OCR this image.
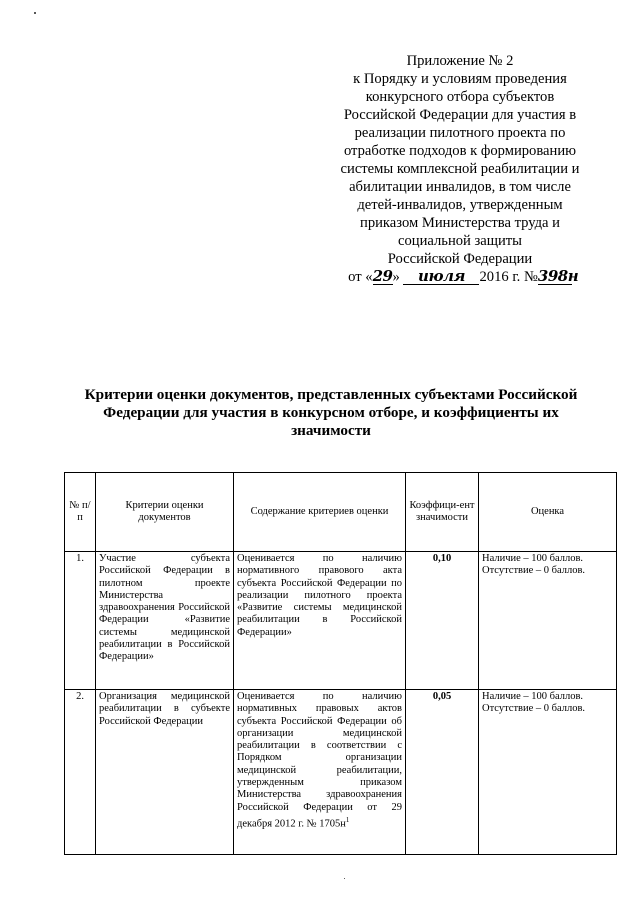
Приложение № 2
к Порядку и условиям проведения
конкурсного отбора субъектов
Российской Федерации для участия в
реализации пилотного проекта по
отработке подходов к формированию
системы комплексной реабилитации и
абилитации инвалидов, в том числе
детей-инвалидов, утвержденным
приказом Министерства труда и
социальной защиты
Российской Федерации
от «29» июля 2016 г. №398н
Критерии оценки документов, представленных субъектами Российской
Федерации для участия в конкурсном отборе, и коэффициенты их
значимости
№ п/п	Критерии оценки документов	Содержание критериев оценки	Коэффици-ент значимости	Оценка
1.	Участие субъекта Российской Федерации в пилотном проекте Министерства здравоохранения Российской Федерации «Развитие системы медицинской реабилитации в Российской Федерации»	Оценивается по наличию нормативного правового акта субъекта Российской Федерации по реализации пилотного проекта «Развитие системы медицинской реабилитации в Российской Федерации»	0,10	Наличие – 100 баллов.
Отсутствие – 0 баллов.

2.	Организация медицинской реабилитации в субъекте Российской Федерации	Оценивается по наличию нормативных правовых актов субъекта Российской Федерации об организации медицинской реабилитации в соответствии с Порядком организации медицинской реабилитации, утвержденным приказом Министерства здравоохранения Российской Федерации от 29 декабря 2012 г. № $1705н^1$	0,05	Наличие – 100 баллов.
Отсутствие – 0 баллов.
